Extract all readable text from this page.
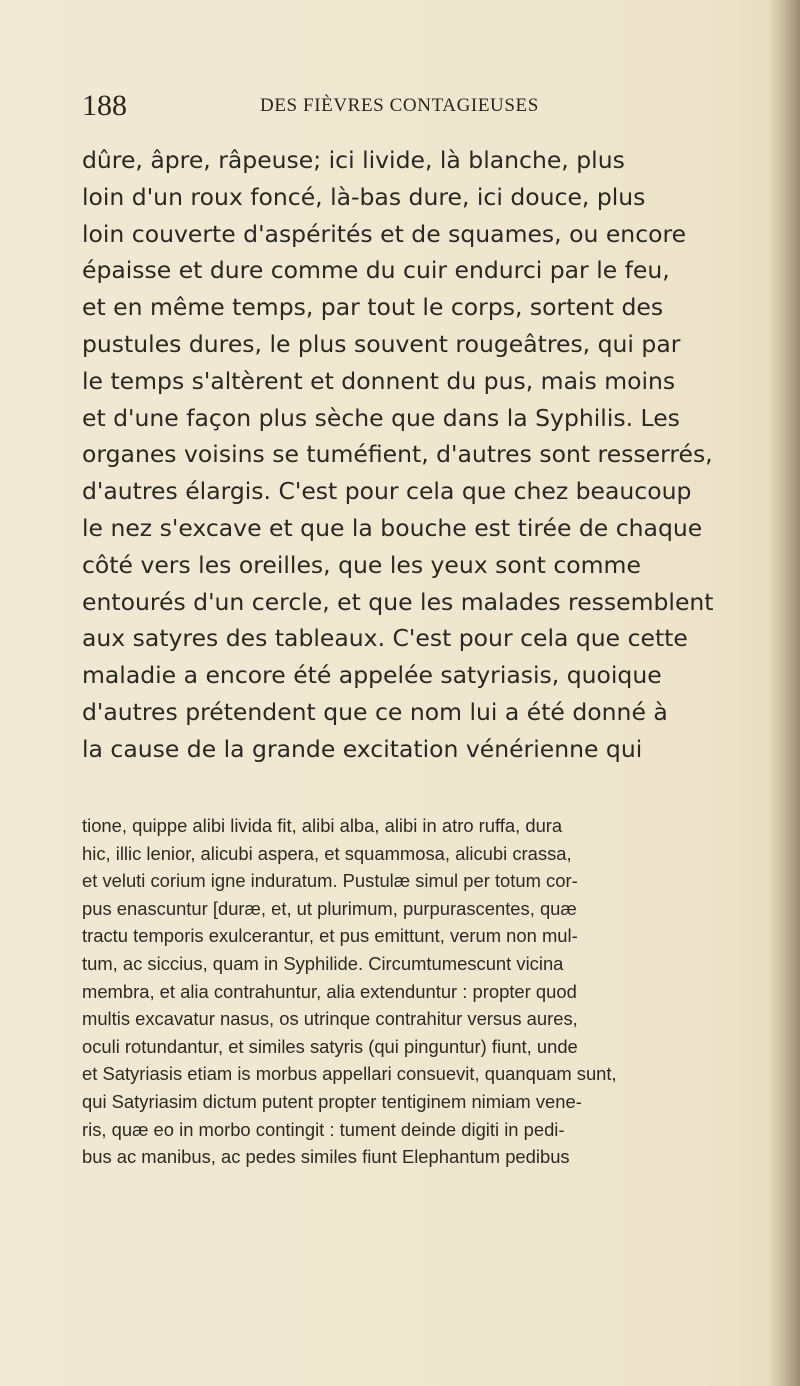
188	DES FIÈVRES CONTAGIEUSES
dûre, âpre, râpeuse; ici livide, là blanche, plus
loin d'un roux foncé, là-bas dure, ici douce, plus
loin couverte d'aspérités et de squames, ou encore
épaisse et dure comme du cuir endurci par le feu,
et en même temps, par tout le corps, sortent des
pustules dures, le plus souvent rougeâtres, qui par
le temps s'altèrent et donnent du pus, mais moins
et d'une façon plus sèche que dans la Syphilis. Les
organes voisins se tuméfient, d'autres sont resserrés,
d'autres élargis. C'est pour cela que chez beaucoup
le nez s'excave et que la bouche est tirée de chaque
côté vers les oreilles, que les yeux sont comme
entourés d'un cercle, et que les malades ressemblent
aux satyres des tableaux. C'est pour cela que cette
maladie a encore été appelée satyriasis, quoique
d'autres prétendent que ce nom lui a été donné à
la cause de la grande excitation vénérienne qui
tione, quippe alibi livida fit, alibi alba, alibi in atro ruffa, dura
hic, illic lenior, alicubi aspera, et squammosa, alicubi crassa,
et veluti corium igne induratum. Pustulæ simul per totum cor-
pus enascuntur [duræ, et, ut plurimum, purpurascentes, quæ
tractu temporis exulcerantur, et pus emittunt, verum non mul-
tum, ac siccius, quam in Syphilide. Circumtumescunt vicina
membra, et alia contrahuntur, alia extenduntur : propter quod
multis excavatur nasus, os utrinque contrahitur versus aures,
oculi rotundantur, et similes satyris (qui pinguntur) fiunt, unde
et Satyriasis etiam is morbus appellari consuevit, quanquam sunt,
qui Satyriasim dictum putent propter tentiginem nimiam vene-
ris, quæ eo in morbo contingit : tument deinde digiti in pedi-
bus ac manibus, ac pedes similes fiunt Elephantum pedibus
